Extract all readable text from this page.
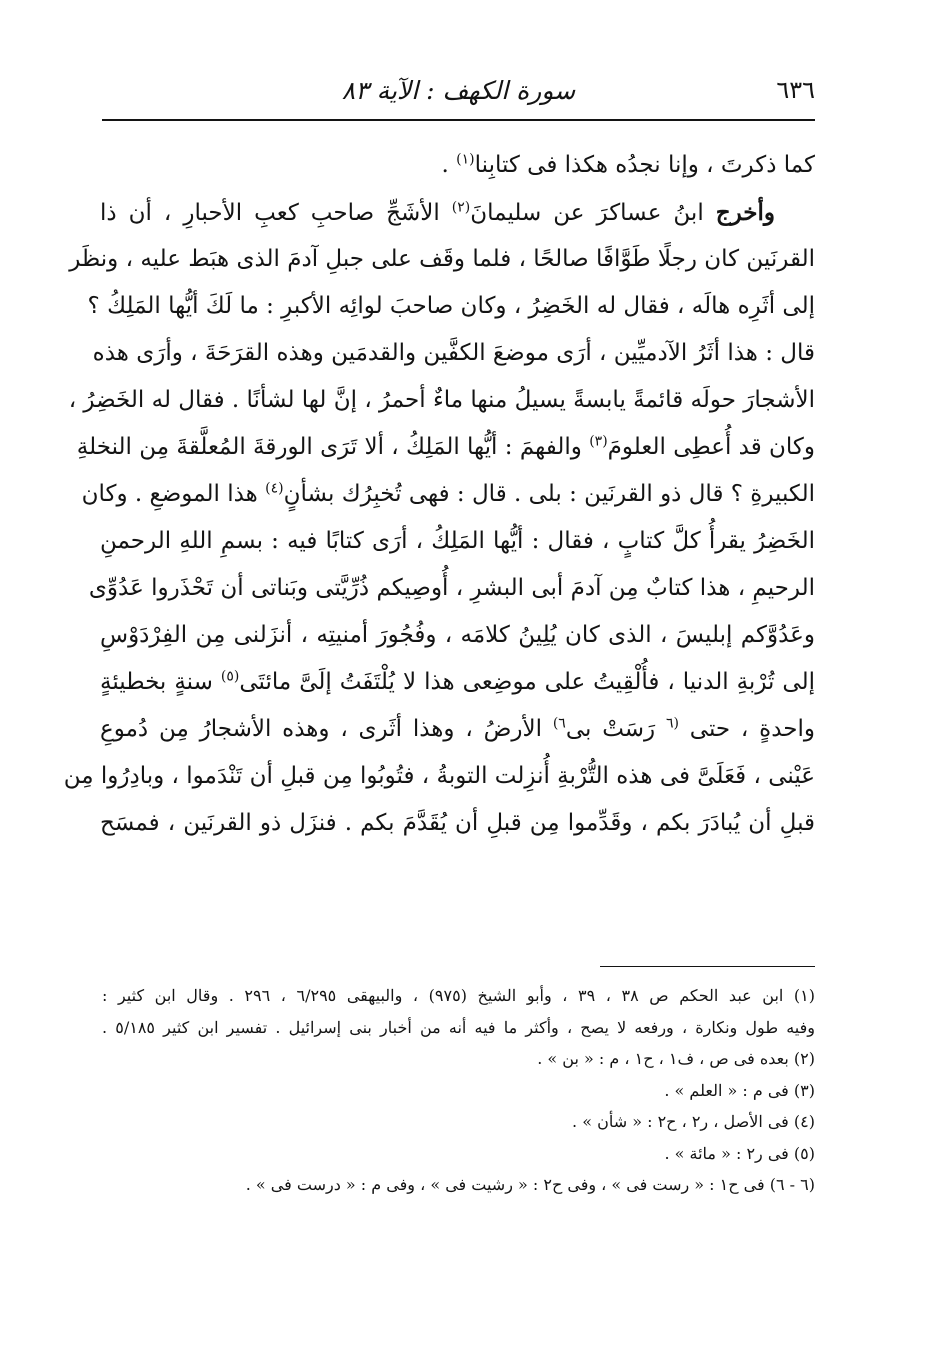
٦٣٦
سورة الكهف : الآية ٨٣
كما ذكرتَ ، وإنا نجدُه هكذا فى كتابِنا$^{(١)}$ .
وأخرج ابنُ عساكرَ عن سليمانَ$^{(٢)}$ الأشَجِّ صاحبِ كعبِ الأحبارِ ، أن ذا
القرنَين كان رجلًا طَوَّافًا صالحًا ، فلما وقَف على جبلِ آدمَ الذى هبَط عليه ، ونظَر
إلى أثَرِه هالَه ، فقال له الخَضِرُ ، وكان صاحبَ لوائِه الأكبرِ : ما لَكَ أيُّها المَلِكُ ؟
قال : هذا أثَرُ الآدميِّين ، أرَى موضعَ الكفَّين والقدمَين وهذه القرَحَةَ ، وأرَى هذه
الأشجارَ حولَه قائمةً يابسةً يسيلُ منها ماءٌ أحمرُ ، إنَّ لها لشأنًا . فقال له الخَضِرُ ،
وكان قد أُعطِى العلومَ$^{(٣)}$ والفهمَ : أيُّها المَلِكُ ، ألا تَرَى الورقةَ المُعلَّقةَ مِن النخلةِ
الكبيرةِ ؟ قال ذو القرنَين : بلى . قال : فهى تُخبِرُك بشأنٍ$^{(٤)}$ هذا الموضعِ . وكان
الخَضِرُ يقرأُ كلَّ كتابٍ ، فقال : أيُّها المَلِكُ ، أرَى كتابًا فيه : بسمِ اللهِ الرحمنِ
الرحيمِ ، هذا كتابٌ مِن آدمَ أبى البشرِ ، أُوصِيكم ذُرِّيَّتى وبَناتى أن تَحْذَروا عَدُوِّى
وعَدُوَّكم إبليسَ ، الذى كان يُلِينُ كلامَه ، وفُجُورَ أمنيتِه ، أنزَلنى مِن الفِرْدَوْسِ
إلى تُرْبةِ الدنيا ، فأُلْقِيتُ على موضِعى هذا لا يُلْتَفَتُ إلَىَّ مائتَى$^{(٥)}$ سنةٍ بخطيئةٍ
واحدةٍ ، حتى $^{(٦}$ رَسَتْ بى$^{٦)}$ الأرضُ ، وهذا أثَرى ، وهذه الأشجارُ مِن دُموعِ
عَيْنى ، فَعَلَىَّ فى هذه التُّرْبةِ أُنزِلت التوبةُ ، فتُوبُوا مِن قبلِ أن تَنْدَموا ، وبادِرُوا مِن
قبلِ أن يُبادَرَ بكم ، وقَدِّموا مِن قبلِ أن يُقَدَّمَ بكم . فنزَل ذو القرنَين ، فمسَح
(١) ابن عبد الحكم ص ٣٨ ، ٣٩ ، وأبو الشيخ (٩٧٥) ، والبيهقى ٦/٢٩٥ ، ٢٩٦ . وقال ابن كثير :
وفيه طول ونكارة ، ورفعه لا يصح ، وأكثر ما فيه أنه من أخبار بنى إسرائيل . تفسير ابن كثير ٥/١٨٥ .
(٢) بعده فى ص ، ف١ ، ح١ ، م : « بن » .
(٣) فى م : « العلم » .
(٤) فى الأصل ، ر٢ ، ح٢ : « شأن » .
(٥) فى ر٢ : « مائة » .
(٦ - ٦) فى ح١ : « رست فى » ، وفى ح٢ : « رشيت فى » ، وفى م : « درست فى » .
